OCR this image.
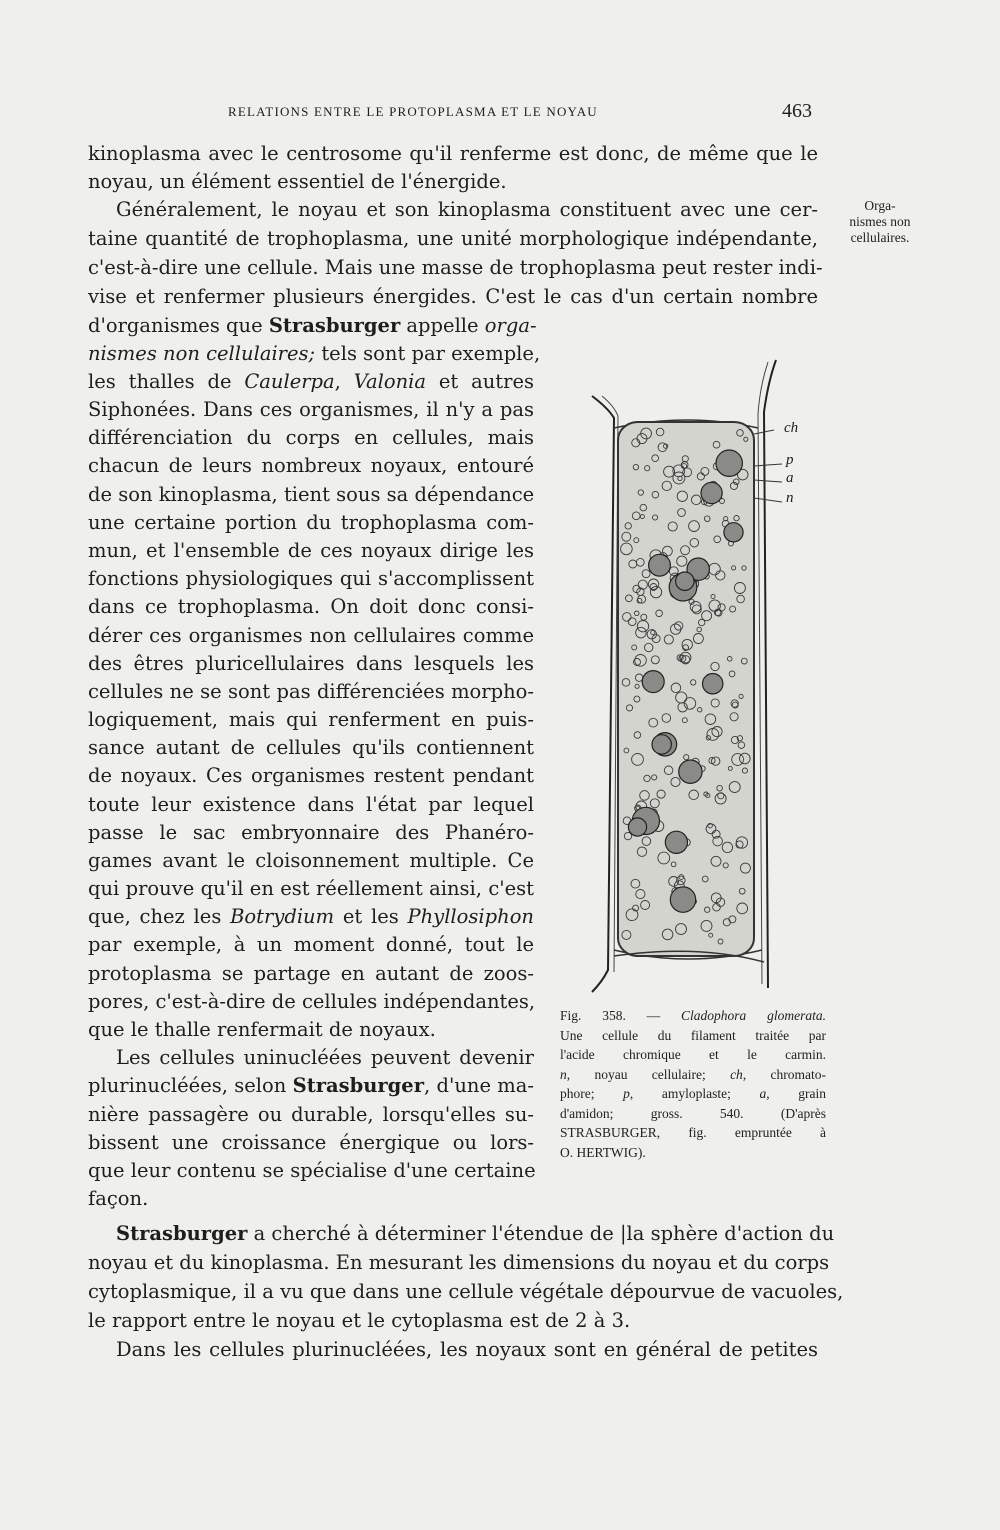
RELATIONS ENTRE LE PROTOPLASMA ET LE NOYAU	463
Orga-
nismes non
cellulaires.
kinoplasma avec le centrosome qu'il renferme est donc, de même que le
noyau, un élément essentiel de l'énergide.
Généralement, le noyau et son kinoplasma constituent avec une cer-
taine quantité de trophoplasma, une unité morphologique indépendante,
c'est-à-dire une cellule. Mais une masse de trophoplasma peut rester indi-
vise et renfermer plusieurs énergides. C'est le cas d'un certain nombre
d'organismes que Strasburger appelle orga-
nismes non cellulaires; tels sont par exemple,
les thalles de Caulerpa, Valonia et autres
Siphonées. Dans ces organismes, il n'y a pas
différenciation du corps en cellules, mais
chacun de leurs nombreux noyaux, entouré
de son kinoplasma, tient sous sa dépendance
une certaine portion du trophoplasma com-
mun, et l'ensemble de ces noyaux dirige les
fonctions physiologiques qui s'accomplissent
dans ce trophoplasma. On doit donc consi-
dérer ces organismes non cellulaires comme
des êtres pluricellulaires dans lesquels les
cellules ne se sont pas différenciées morpho-
logiquement, mais qui renferment en puis-
sance autant de cellules qu'ils contiennent
de noyaux. Ces organismes restent pendant
toute leur existence dans l'état par lequel
passe le sac embryonnaire des Phanéro-
games avant le cloisonnement multiple. Ce
qui prouve qu'il en est réellement ainsi, c'est
que, chez les Botrydium et les Phyllosiphon
par exemple, à un moment donné, tout le
protoplasma se partage en autant de zoos-
pores, c'est-à-dire de cellules indépendantes,
que le thalle renfermait de noyaux.
Les cellules uninucléées peuvent devenir
plurinucléées, selon Strasburger, d'une ma-
nière passagère ou durable, lorsqu'elles su-
bissent une croissance énergique ou lors-
que leur contenu se spécialise d'une certaine
façon.
Strasburger a cherché à déterminer l'étendue de |la sphère d'action du
noyau et du kinoplasma. En mesurant les dimensions du noyau et du corps
cytoplasmique, il a vu que dans une cellule végétale dépourvue de vacuoles,
le rapport entre le noyau et le cytoplasma est de 2 à 3.
Dans les cellules plurinucléées, les noyaux sont en général de petites
ch
p
a
n
Fig. 358. — Cladophora glomerata.
Une cellule du filament traitée par
l'acide chromique et le carmin.
n, noyau cellulaire; ch, chromato-
phore; p, amyloplaste; a, grain
d'amidon; gross. 540. (D'après
STRASBURGER, fig. empruntée à
O. HERTWIG).
